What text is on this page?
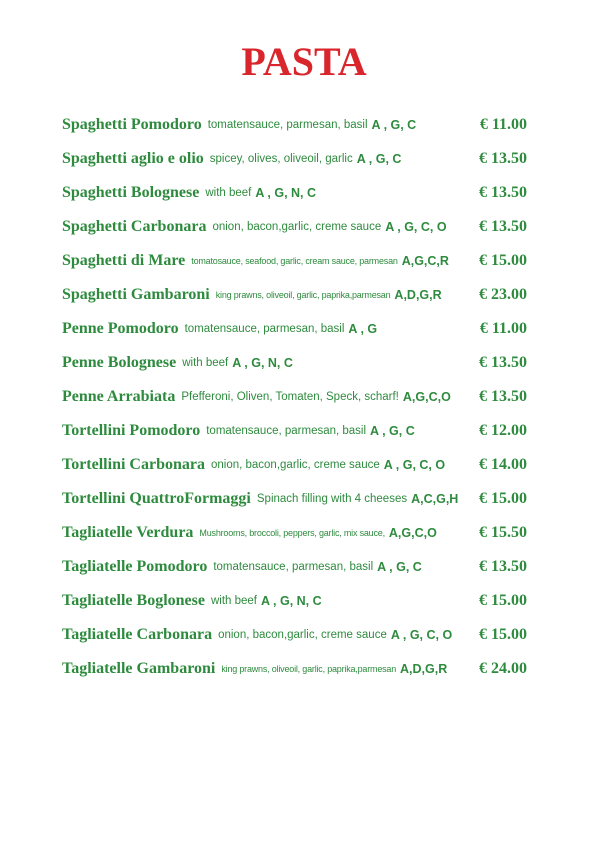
PASTA
Spaghetti Pomodoro tomatensauce, parmesan, basil A , G, C	€ 11.00
Spaghetti aglio e olio spicey, olives, oliveoil, garlic A , G, C	€ 13.50
Spaghetti Bolognese with beef A , G, N, C	€ 13.50
Spaghetti Carbonara onion, bacon,garlic, creme sauce A , G, C, O € 13.50
Spaghetti di Mare tomatosauce, seafood, garlic, cream sauce, parmesan A,G,C,R € 15.00
Spaghetti Gambaroni king prawns, oliveoil, garlic, paprika,parmesan A,D,G,R € 23.00
Penne Pomodoro tomatensauce, parmesan, basil A , G	€ 11.00
Penne Bolognese with beef A , G, N, C	€ 13.50
Penne Arrabiata Pfefferoni, Oliven, Tomaten, Speck, scharf! A,G,C,O € 13.50
Tortellini Pomodoro tomatensauce, parmesan, basil A , G, C	€ 12.00
Tortellini Carbonara onion, bacon,garlic, creme sauce A , G, C, O € 14.00
Tortellini QuattroFormaggi Spinach filling with 4 cheeses A,C,G,H € 15.00
Tagliatelle Verdura Mushrooms, broccoli, peppers, garlic, mix sauce, A,G,C,O	€ 15.50
Tagliatelle Pomodoro tomatensauce, parmesan, basil A , G, C	€ 13.50
Tagliatelle Boglonese with beef A , G, N, C	€ 15.00
Tagliatelle Carbonara onion, bacon,garlic, creme sauce A , G, C, O € 15.00
Tagliatelle Gambaroni king prawns, oliveoil, garlic, paprika,parmesan A,D,G,R € 24.00
